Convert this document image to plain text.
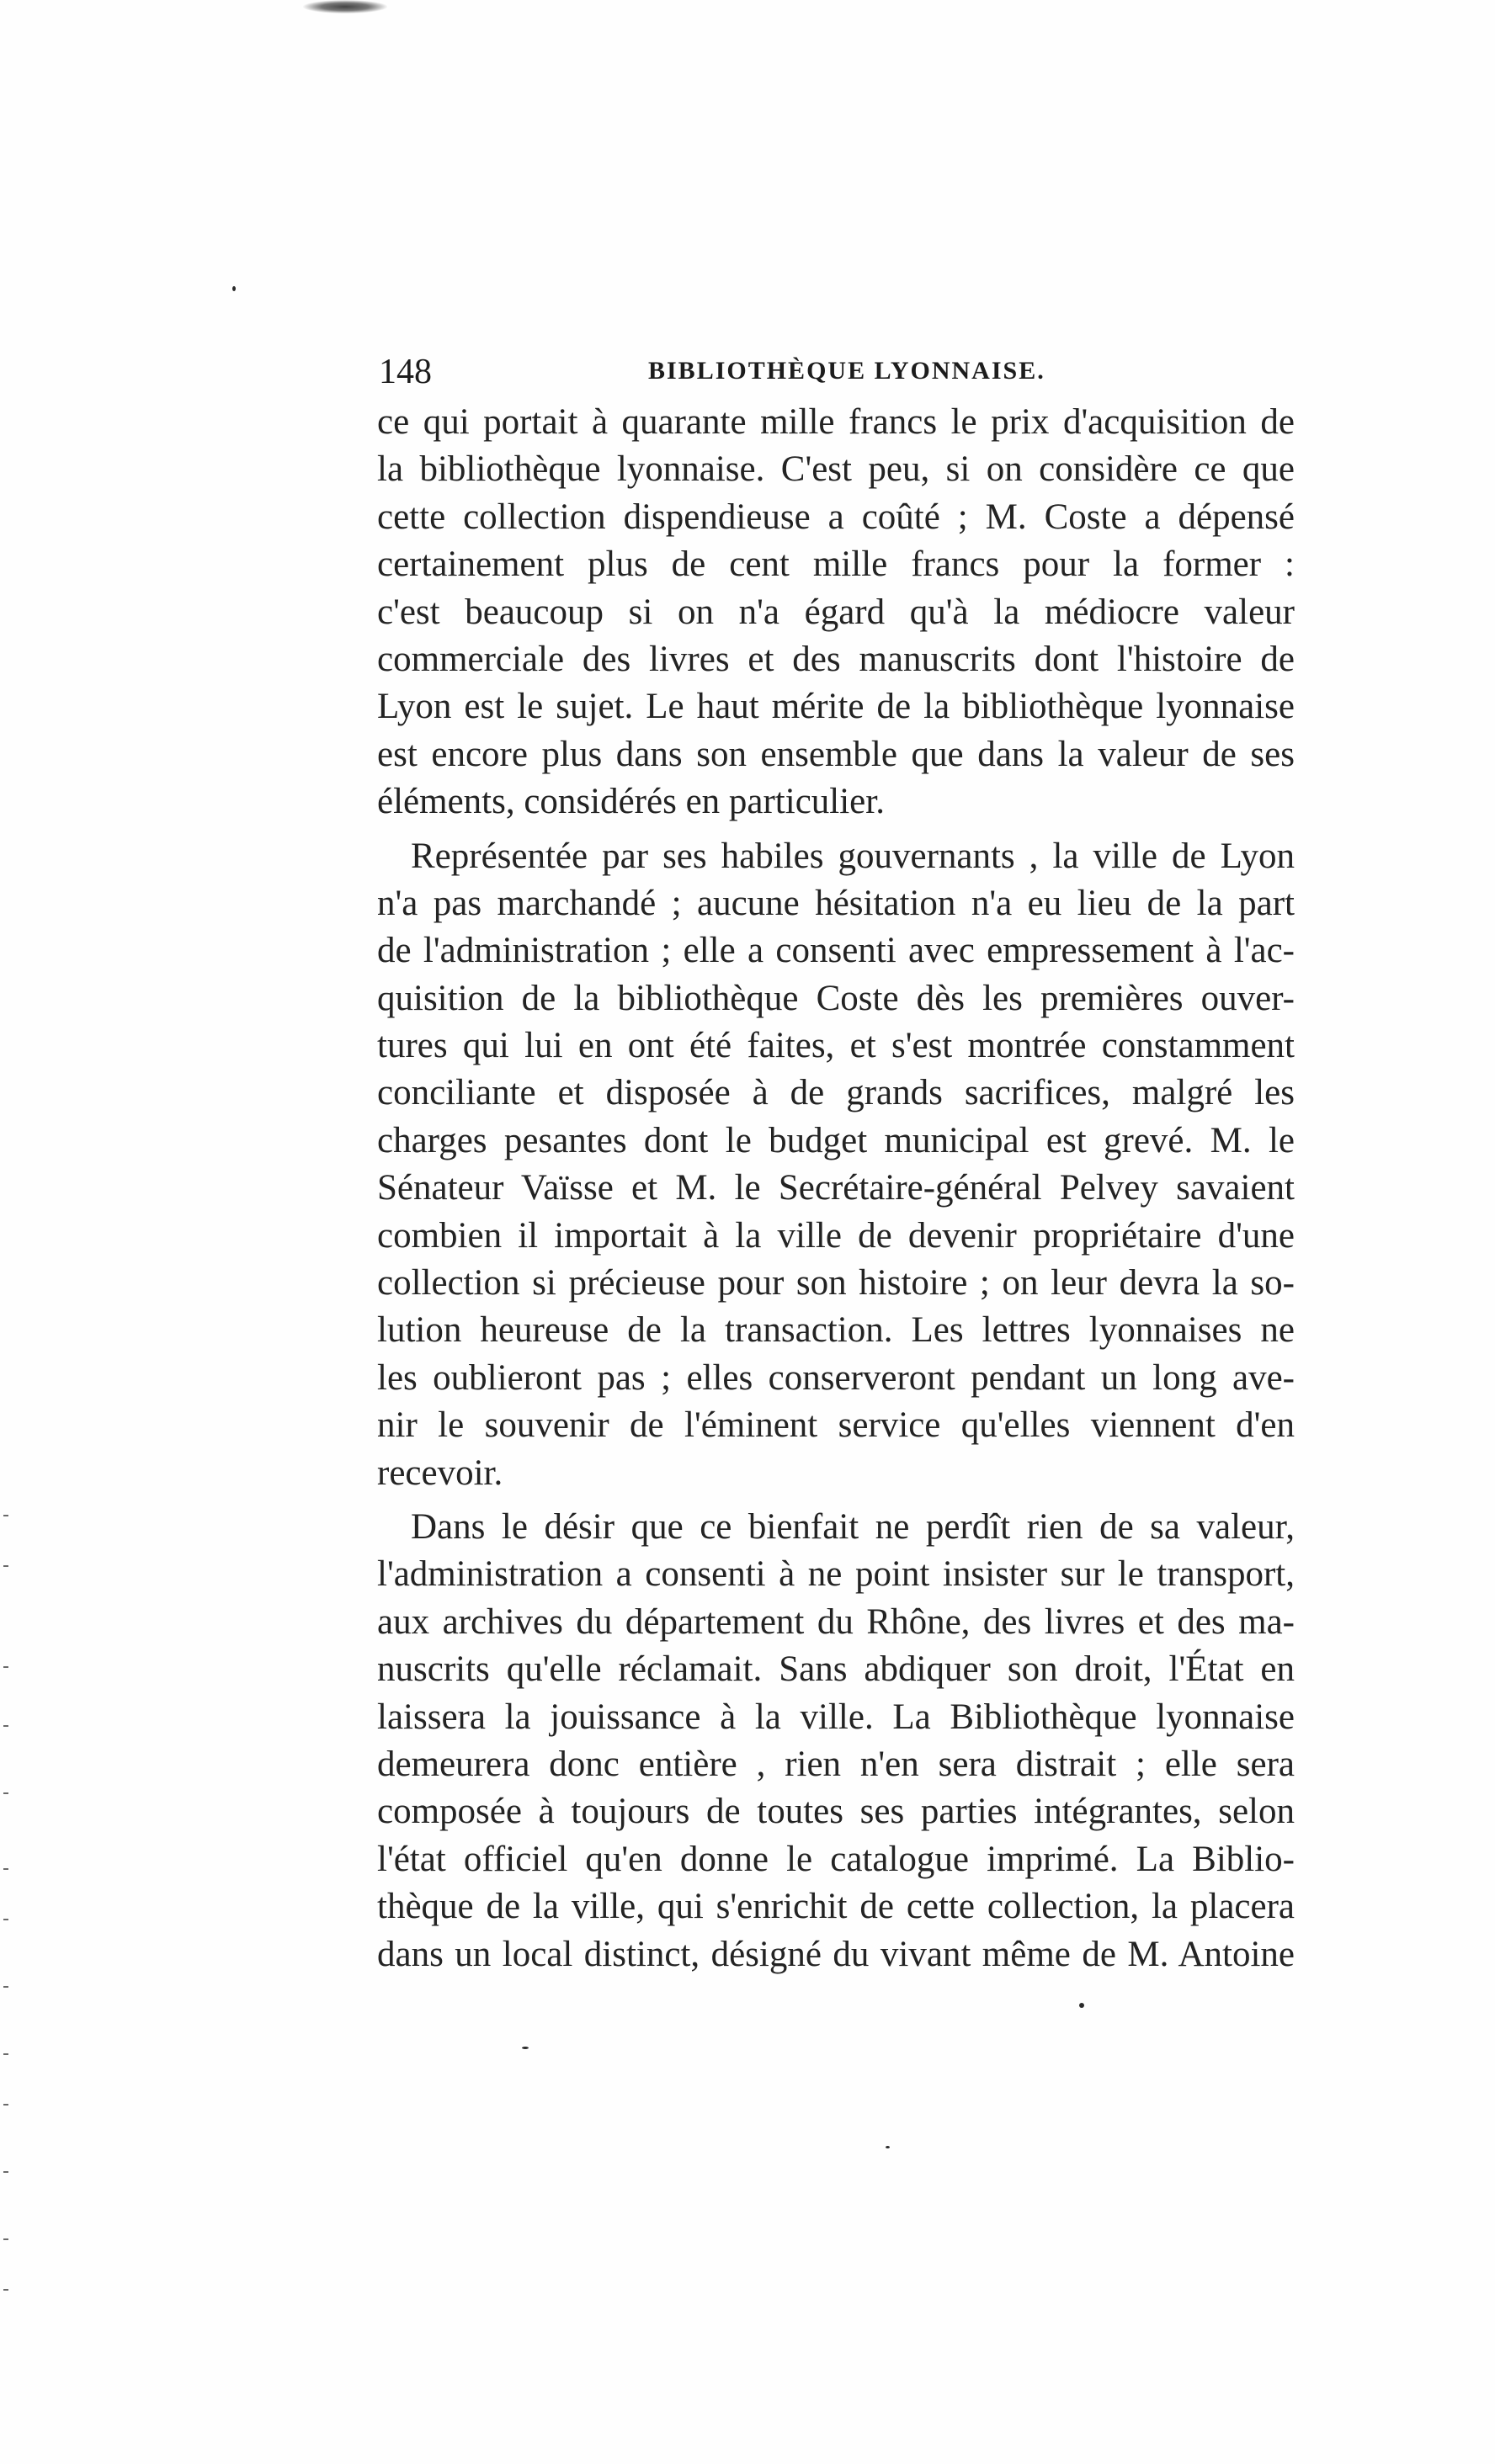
148	BIBLIOTHÈQUE LYONNAISE.
ce qui portait à quarante mille francs le prix d'acquisition de
la bibliothèque lyonnaise. C'est peu, si on considère ce que
cette collection dispendieuse a coûté ; M. Coste a dépensé
certainement plus de cent mille francs pour la former :
c'est beaucoup si on n'a égard qu'à la médiocre valeur
commerciale des livres et des manuscrits dont l'histoire de
Lyon est le sujet. Le haut mérite de la bibliothèque lyonnaise
est encore plus dans son ensemble que dans la valeur de ses
éléments, considérés en particulier.
Représentée par ses habiles gouvernants , la ville de Lyon
n'a pas marchandé ; aucune hésitation n'a eu lieu de la part
de l'administration ; elle a consenti avec empressement à l'ac-
quisition de la bibliothèque Coste dès les premières ouver-
tures qui lui en ont été faites, et s'est montrée constamment
conciliante et disposée à de grands sacrifices, malgré les
charges pesantes dont le budget municipal est grevé. M. le
Sénateur Vaïsse et M. le Secrétaire-général Pelvey savaient
combien il importait à la ville de devenir propriétaire d'une
collection si précieuse pour son histoire ; on leur devra la so-
lution heureuse de la transaction. Les lettres lyonnaises ne
les oublieront pas ; elles conserveront pendant un long ave-
nir le souvenir de l'éminent service qu'elles viennent d'en
recevoir.
Dans le désir que ce bienfait ne perdît rien de sa valeur,
l'administration a consenti à ne point insister sur le transport,
aux archives du département du Rhône, des livres et des ma-
nuscrits qu'elle réclamait. Sans abdiquer son droit, l'État en
laissera la jouissance à la ville. La Bibliothèque lyonnaise
demeurera donc entière , rien n'en sera distrait ; elle sera
composée à toujours de toutes ses parties intégrantes, selon
l'état officiel qu'en donne le catalogue imprimé. La Biblio-
thèque de la ville, qui s'enrichit de cette collection, la placera
dans un local distinct, désigné du vivant même de M. Antoine
